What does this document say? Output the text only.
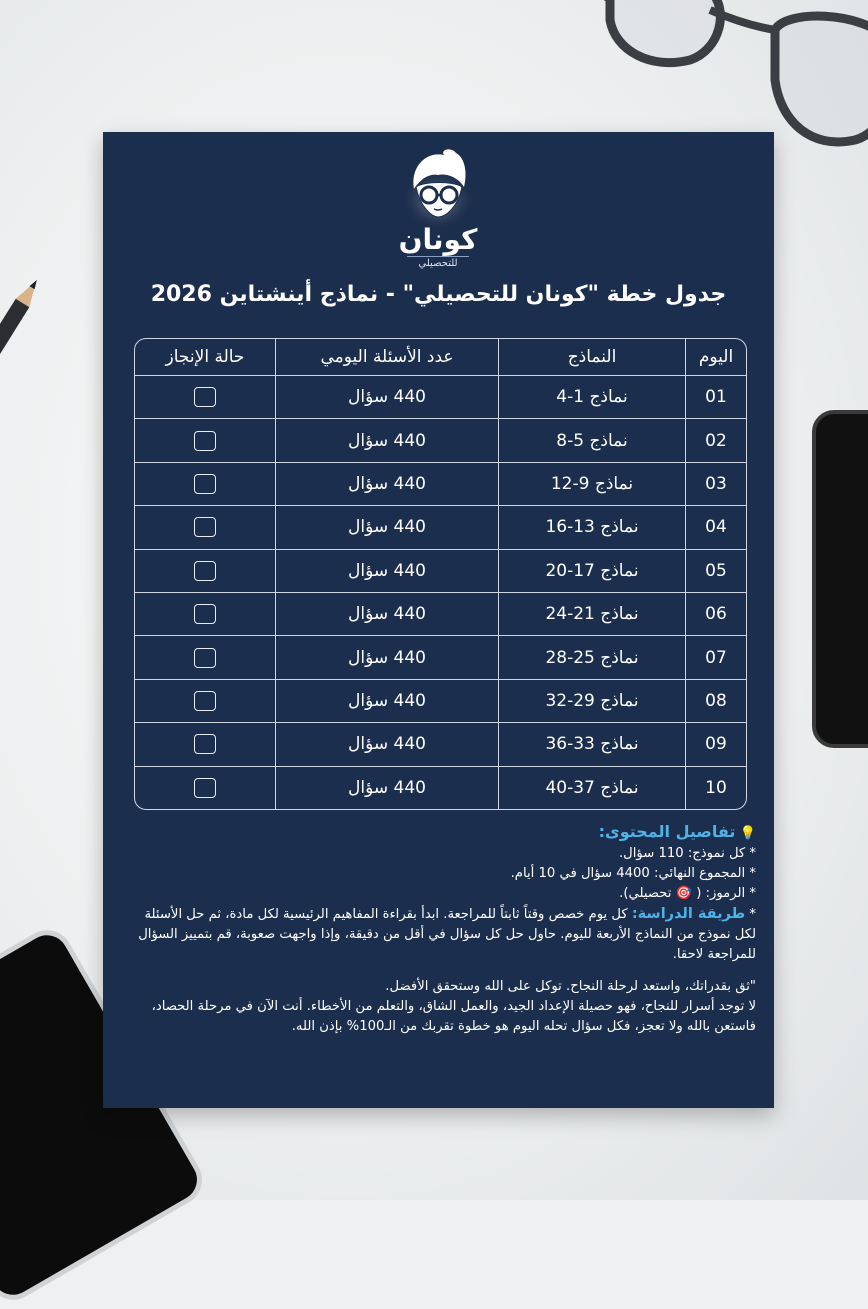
كونان
للتحصيلي
جدول خطة "كونان للتحصيلي" - نماذج أينشتاين 2026
اليوم	النماذج	عدد الأسئلة اليومي	حالة الإنجاز
01	نماذج 1-4	440 سؤال	
02	نماذج 5-8	440 سؤال	
03	نماذج 9-12	440 سؤال	
04	نماذج 13-16	440 سؤال	
05	نماذج 17-20	440 سؤال	
06	نماذج 21-24	440 سؤال	
07	نماذج 25-28	440 سؤال	
08	نماذج 29-32	440 سؤال	
09	نماذج 33-36	440 سؤال	
10	نماذج 37-40	440 سؤال	

💡 تفاصيل المحتوى:

* كل نموذج: 110 سؤال.

* المجموع النهائي: 4400 سؤال في 10 أيام.

* الرموز: ( 🎯 تحصيلي).

* طريقة الدراسة: كل يوم خصص وقتاً ثابتاً للمراجعة. ابدأ بقراءة المفاهيم الرئيسية لكل مادة، ثم حل الأسئلة لكل نموذج من النماذج الأربعة لليوم. حاول حل كل سؤال في أقل من دقيقة، وإذا واجهت صعوبة، قم بتمييز السؤال للمراجعة لاحقا.

"ثق بقدراتك، واستعد لرحلة النجاح. توكل على الله وستحقق الأفضل.

لا توجد أسرار للنجاح، فهو حصيلة الإعداد الجيد، والعمل الشاق، والتعلم من الأخطاء. أنت الآن في مرحلة الحصاد، فاستعن بالله ولا تعجز، فكل سؤال تحله اليوم هو خطوة تقربك من الـ100% بإذن الله.
